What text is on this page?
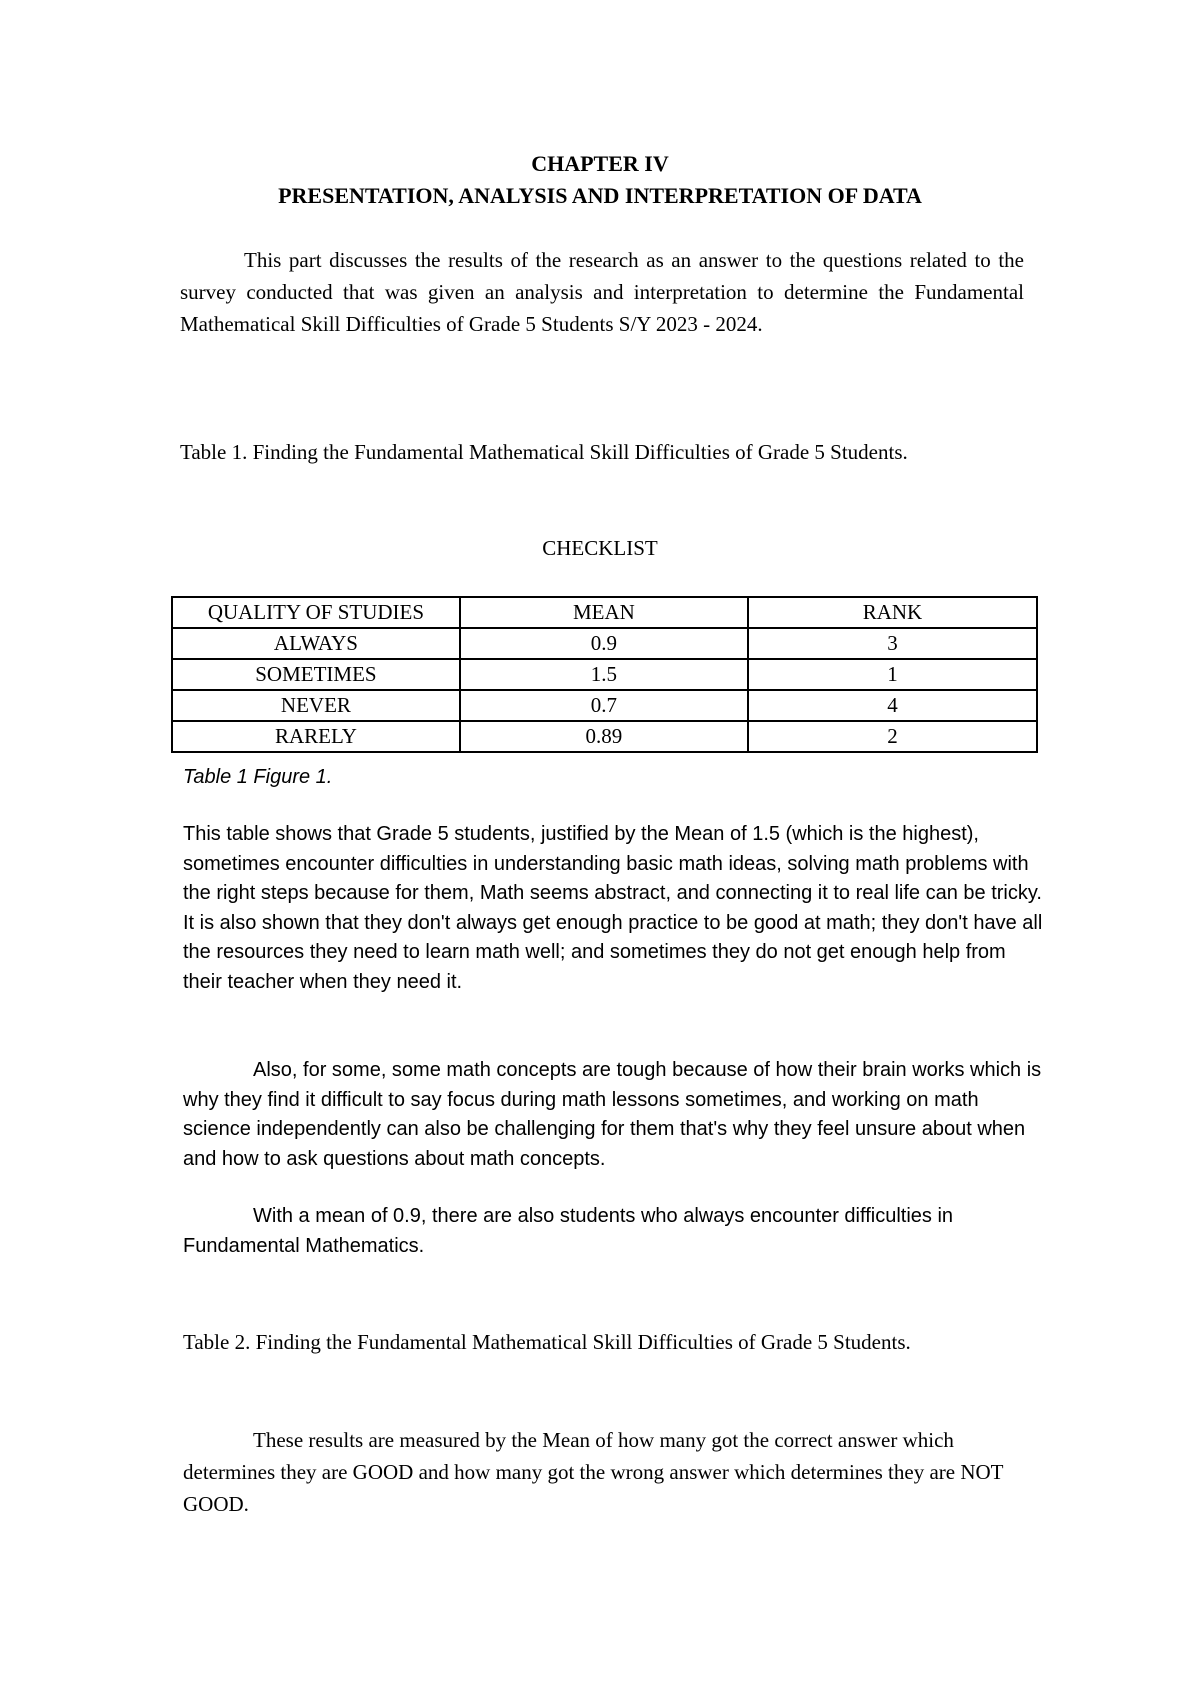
CHAPTER IV
PRESENTATION, ANALYSIS AND INTERPRETATION OF DATA

This part discusses the results of the research as an answer to the questions related to the survey conducted that was given an analysis and interpretation to determine the Fundamental Mathematical Skill Difficulties of Grade 5 Students S/Y 2023 - 2024.

Table 1. Finding the Fundamental Mathematical Skill Difficulties of Grade 5 Students.

CHECKLIST
QUALITY OF STUDIES	MEAN	RANK
ALWAYS	0.9	3
SOMETIMES	1.5	1
NEVER	0.7	4
RARELY	0.89	2
Table 1 Figure 1.

This table shows that Grade 5 students, justified by the Mean of 1.5 (which is the highest), sometimes encounter difficulties in understanding basic math ideas, solving math problems with the right steps because for them, Math seems abstract, and connecting it to real life can be tricky. It is also shown that they don't always get enough practice to be good at math; they don't have all the resources they need to learn math well; and sometimes they do not get enough help from their teacher when they need it.

Also, for some, some math concepts are tough because of how their brain works which is why they find it difficult to say focus during math lessons sometimes, and working on math science independently can also be challenging for them that's why they feel unsure about when and how to ask questions about math concepts.

With a mean of 0.9, there are also students who always encounter difficulties in Fundamental Mathematics.

Table 2. Finding the Fundamental Mathematical Skill Difficulties of Grade 5 Students.

These results are measured by the Mean of how many got the correct answer which determines they are GOOD and how many got the wrong answer which determines they are NOT GOOD.
